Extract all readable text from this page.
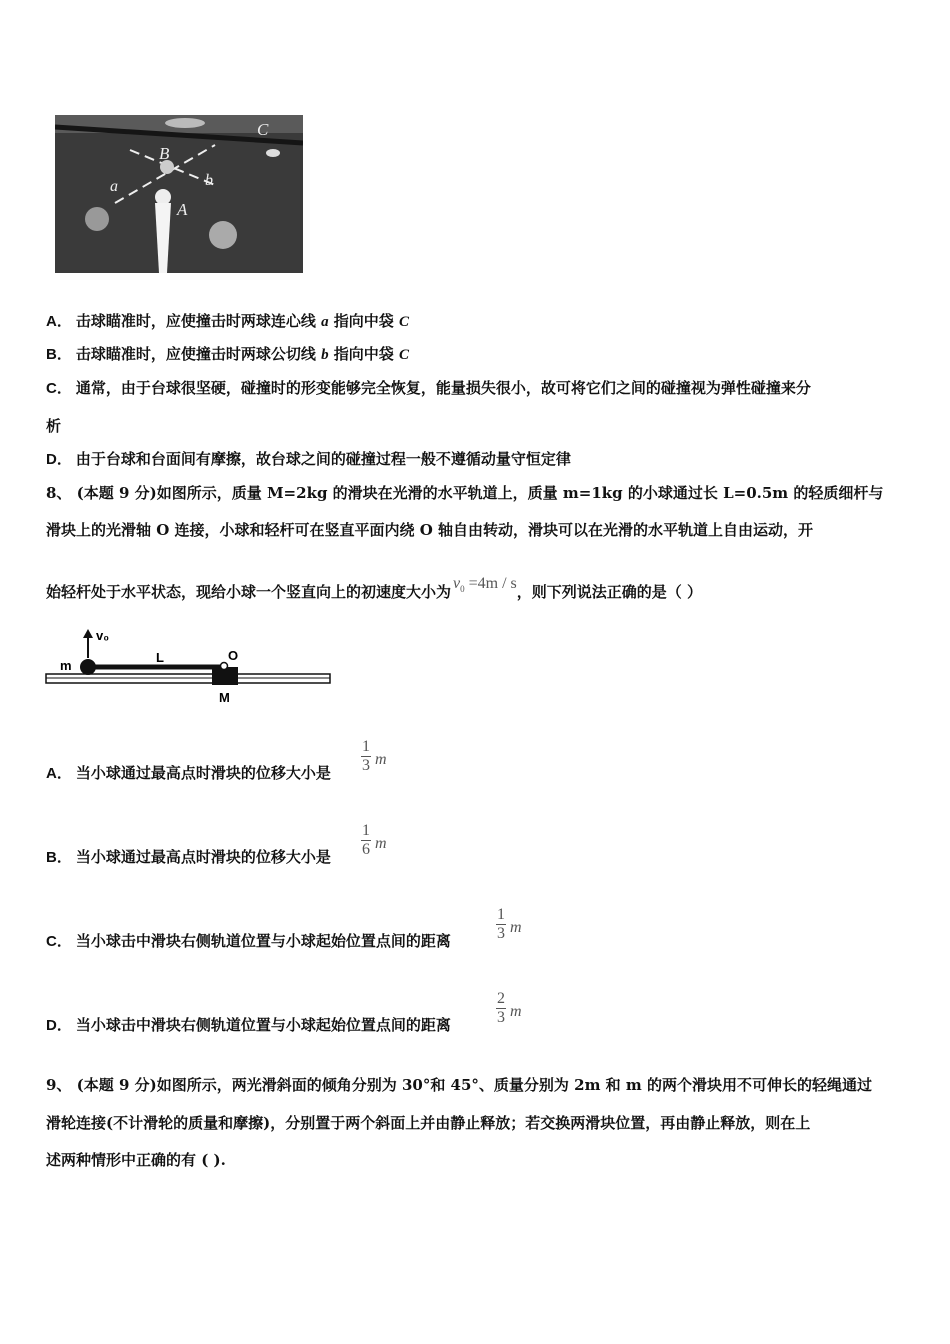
a	b
A
B
C
A． 击球瞄准时，应使撞击时两球连心线 a 指向中袋 C
B． 击球瞄准时，应使撞击时两球公切线 b 指向中袋 C
C． 通常，由于台球很坚硬，碰撞时的形变能够完全恢复，能量损失很小，故可将它们之间的碰撞视为弹性碰撞来分
析
D． 由于台球和台面间有摩擦，故台球之间的碰撞过程一般不遵循动量守恒定律
8、 (本题 9 分)如图所示，质量 M=2kg 的滑块在光滑的水平轨道上，质量 m=1kg 的小球通过长 L=0.5m 的轻质细杆与
滑块上的光滑轴 O 连接，小球和轻杆可在竖直平面内绕 O 轴自由转动，滑块可以在光滑的水平轨道上自由运动，开
始轻杆处于水平状态，现给小球一个竖直向上的初速度大小为 $v_0 =4m / s$，则下列说法正确的是（ ）
m
v₀
L	O
M
A． 当小球通过最高点时滑块的位移大小是
1
3 m
B． 当小球通过最高点时滑块的位移大小是
1
6 m
C． 当小球击中滑块右侧轨道位置与小球起始位置点间的距离
1
3 m
D． 当小球击中滑块右侧轨道位置与小球起始位置点间的距离
2
3 m
9、 (本题 9 分)如图所示，两光滑斜面的倾角分别为 30°和 45°、质量分别为 2m 和 m 的两个滑块用不可伸长的轻绳通过
滑轮连接(不计滑轮的质量和摩擦)，分别置于两个斜面上并由静止释放；若交换两滑块位置，再由静止释放，则在上
述两种情形中正确的有 ( ).
